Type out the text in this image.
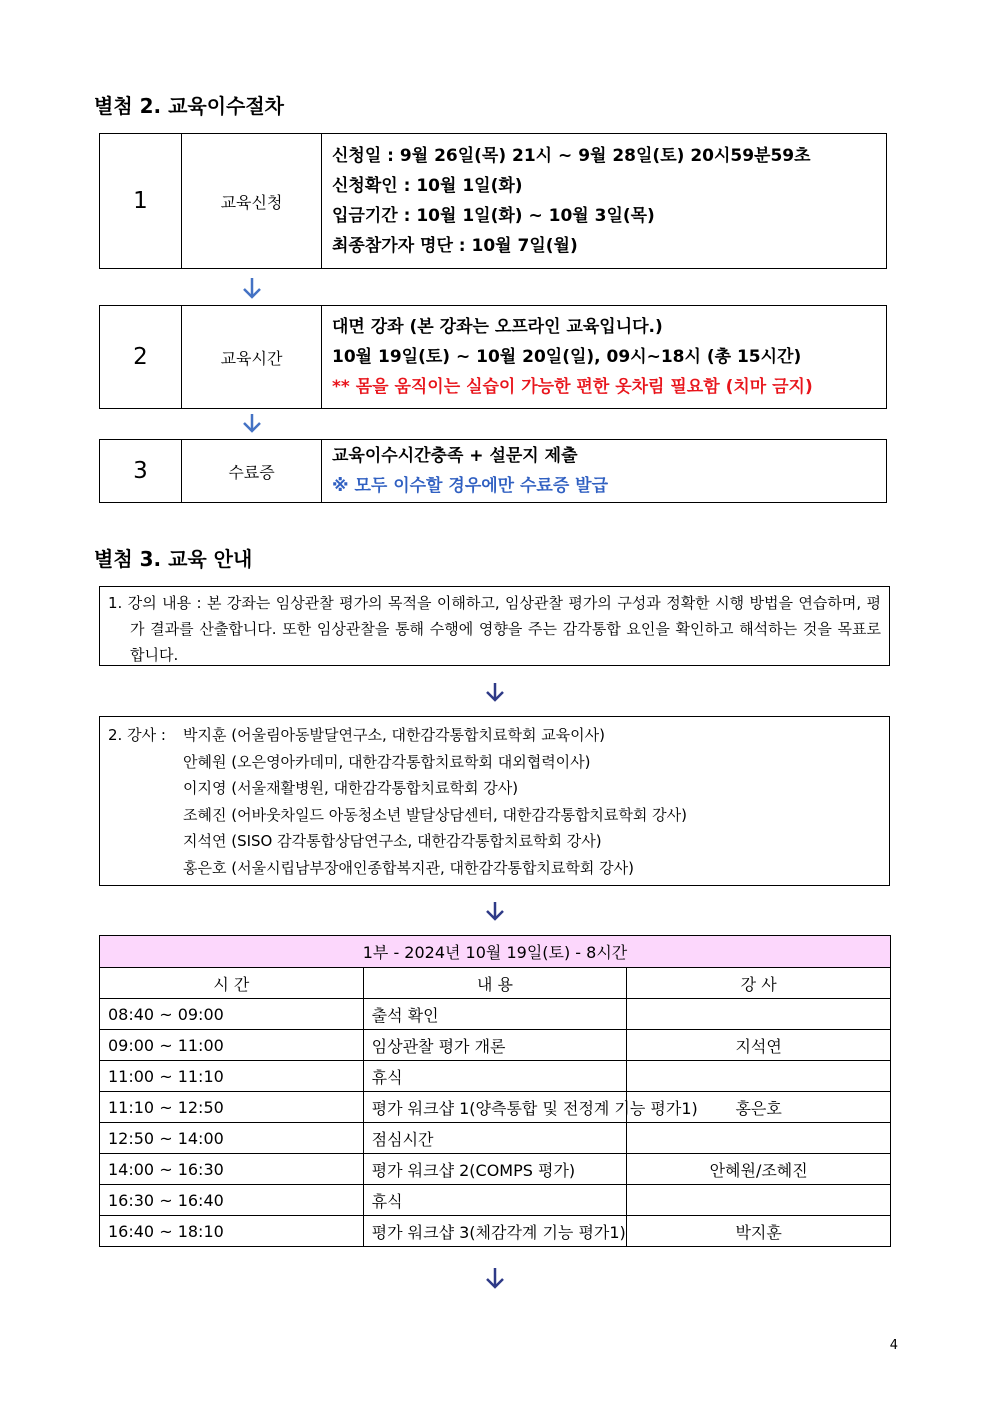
별첨 2. 교육이수절차
1	교육신청	
신청일 : 9월 26일(목) 21시 ~ 9월 28일(토) 20시59분59초
신청확인 : 10월 1일(화)
입금기간 : 10월 1일(화) ~ 10월 3일(목)
최종참가자 명단 : 10월 7일(월)
2	교육시간	
대면 강좌 (본 강좌는 오프라인 교육입니다.)
10월 19일(토) ~ 10월 20일(일), 09시~18시 (총 15시간)
** 몸을 움직이는 실습이 가능한 편한 옷차림 필요함 (치마 금지)
3	수료증	
교육이수시간충족 + 설문지 제출
※ 모두 이수할 경우에만 수료증 발급
별첨 3. 교육 안내
1. 강의 내용 : 본 강좌는 임상관찰 평가의 목적을 이해하고, 임상관찰 평가의 구성과 정확한 시행 방법을 연습하며, 평가 결과를 산출합니다. 또한 임상관찰을 통해 수행에 영향을 주는 감각통합 요인을 확인하고 해석하는 것을 목표로 합니다.
2. 강사 :	박지훈 (어울림아동발달연구소, 대한감각통합치료학회 교육이사)
안혜원 (오은영아카데미, 대한감각통합치료학회 대외협력이사)
이지영 (서울재활병원, 대한감각통합치료학회 강사)
조혜진 (어바웃차일드 아동청소년 발달상담센터, 대한감각통합치료학회 강사)
지석연 (SISO 감각통합상담연구소, 대한감각통합치료학회 강사)
홍은호 (서울시립남부장애인종합복지관, 대한감각통합치료학회 강사)
1부 - 2024년 10월 19일(토) - 8시간		
시 간	내 용	강 사
08:40 ~ 09:00	출석 확인	
09:00 ~ 11:00	임상관찰 평가 개론	지석연
11:00 ~ 11:10	휴식	
11:10 ~ 12:50	평가 워크샵 1(양측통합 및 전정계 기능 평가1)	홍은호
12:50 ~ 14:00	점심시간	
14:00 ~ 16:30	평가 워크샵 2(COMPS 평가)	안혜원/조혜진
16:30 ~ 16:40	휴식	
16:40 ~ 18:10	평가 워크샵 3(체감각계 기능 평가1)	박지훈
4
